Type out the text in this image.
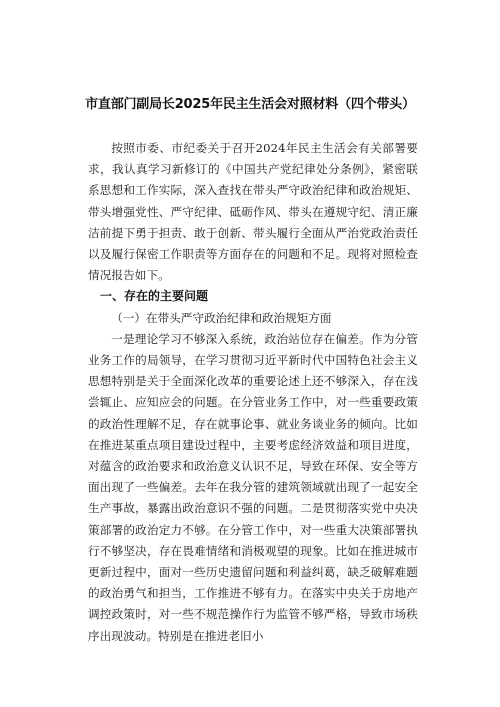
市直部门副局长2025年民主生活会对照材料（四个带头）

按照市委、市纪委关于召开2024年民主生活会有关部署要求，我认真学习新修订的《中国共产党纪律处分条例》，紧密联系思想和工作实际，深入查找在带头严守政治纪律和政治规矩、带头增强党性、严守纪律、砥砺作风、带头在遵规守纪、清正廉洁前提下勇于担责、敢于创新、带头履行全面从严治党政治责任以及履行保密工作职责等方面存在的问题和不足。现将对照检查情况报告如下。

一、存在的主要问题

（一）在带头严守政治纪律和政治规矩方面

一是理论学习不够深入系统，政治站位存在偏差。作为分管业务工作的局领导，在学习贯彻习近平新时代中国特色社会主义思想特别是关于全面深化改革的重要论述上还不够深入，存在浅尝辄止、应知应会的问题。在分管业务工作中，对一些重要政策的政治性理解不足，存在就事论事、就业务谈业务的倾向。比如在推进某重点项目建设过程中，主要考虑经济效益和项目进度，对蕴含的政治要求和政治意义认识不足，导致在环保、安全等方面出现了一些偏差。去年在我分管的建筑领域就出现了一起安全生产事故，暴露出政治意识不强的问题。二是贯彻落实党中央决策部署的政治定力不够。在分管工作中，对一些重大决策部署执行不够坚决，存在畏难情绪和消极观望的现象。比如在推进城市更新过程中，面对一些历史遗留问题和利益纠葛，缺乏破解难题的政治勇气和担当，工作推进不够有力。在落实中央关于房地产调控政策时，对一些不规范操作行为监管不够严格，导致市场秩序出现波动。特别是在推进老旧小
